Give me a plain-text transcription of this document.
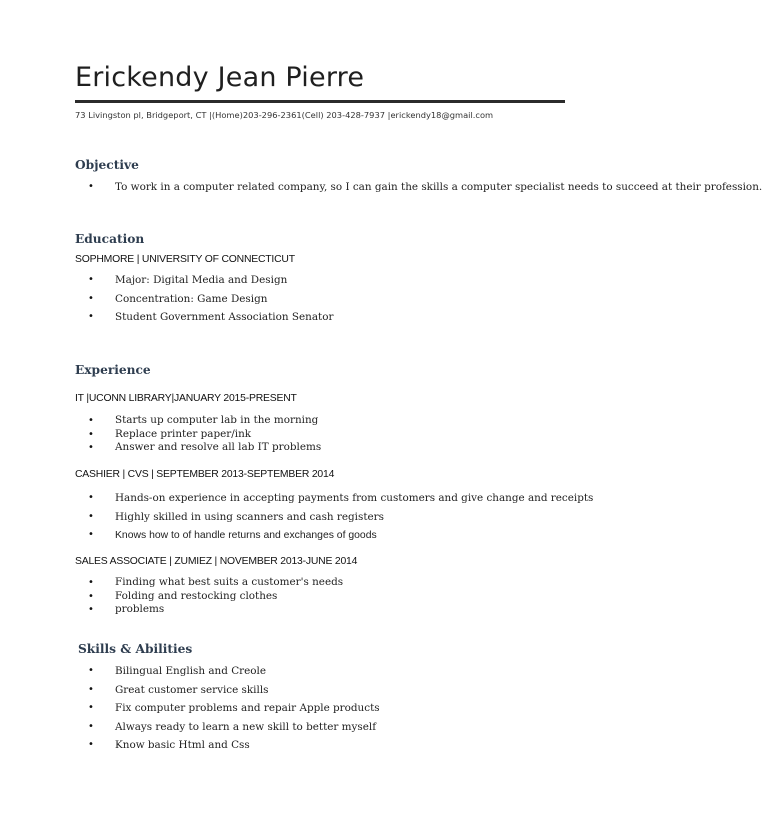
Erickendy Jean Pierre
73 Livingston pl, Bridgeport, CT |(Home)203-296-2361(Cell) 203-428-7937 |erickendy18@gmail.com
Objective
• To work in a computer related company, so I can gain the skills a computer specialist needs to succeed at their profession.
Education
SOPHMORE | UNIVERSITY OF CONNECTICUT
• Major: Digital Media and Design
• Concentration: Game Design
• Student Government Association Senator
Experience
IT |UCONN LIBRARY|JANUARY 2015-PRESENT
• Starts up computer lab in the morning
• Replace printer paper/ink
• Answer and resolve all lab IT problems
CASHIER | CVS | SEPTEMBER 2013-SEPTEMBER 2014
• Hands-on experience in accepting payments from customers and give change and receipts
• Highly skilled in using scanners and cash registers
• Knows how to of handle returns and exchanges of goods
SALES ASSOCIATE | ZUMIEZ | NOVEMBER 2013-JUNE 2014
• Finding what best suits a customer's needs
• Folding and restocking clothes
• problems
Skills & Abilities
• Bilingual English and Creole
• Great customer service skills
• Fix computer problems and repair Apple products
• Always ready to learn a new skill to better myself
• Know basic Html and Css
